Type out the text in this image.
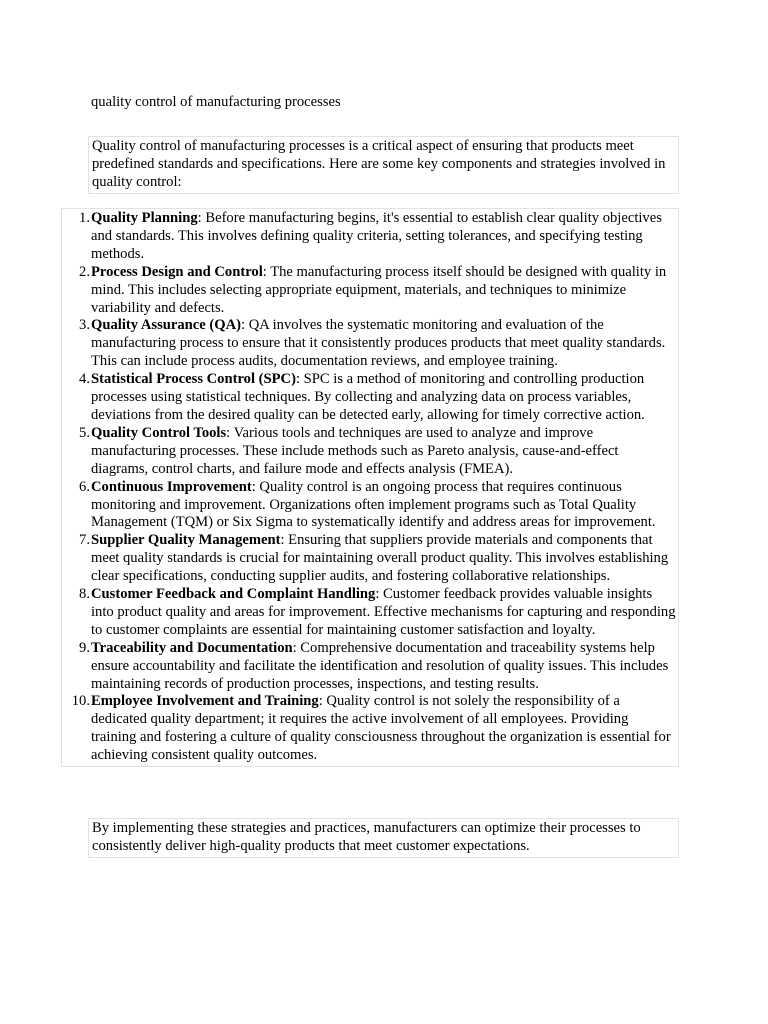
quality control of manufacturing processes

Quality control of manufacturing processes is a critical aspect of ensuring that products meet predefined standards and specifications. Here are some key components and strategies involved in quality control:

1. Quality Planning: Before manufacturing begins, it's essential to establish clear quality objectives and standards. This involves defining quality criteria, setting tolerances, and specifying testing methods.
2. Process Design and Control: The manufacturing process itself should be designed with quality in mind. This includes selecting appropriate equipment, materials, and techniques to minimize variability and defects.
3. Quality Assurance (QA): QA involves the systematic monitoring and evaluation of the manufacturing process to ensure that it consistently produces products that meet quality standards. This can include process audits, documentation reviews, and employee training.
4. Statistical Process Control (SPC): SPC is a method of monitoring and controlling production processes using statistical techniques. By collecting and analyzing data on process variables, deviations from the desired quality can be detected early, allowing for timely corrective action.
5. Quality Control Tools: Various tools and techniques are used to analyze and improve manufacturing processes. These include methods such as Pareto analysis, cause-and-effect diagrams, control charts, and failure mode and effects analysis (FMEA).
6. Continuous Improvement: Quality control is an ongoing process that requires continuous monitoring and improvement. Organizations often implement programs such as Total Quality Management (TQM) or Six Sigma to systematically identify and address areas for improvement.
7. Supplier Quality Management: Ensuring that suppliers provide materials and components that meet quality standards is crucial for maintaining overall product quality. This involves establishing clear specifications, conducting supplier audits, and fostering collaborative relationships.
8. Customer Feedback and Complaint Handling: Customer feedback provides valuable insights into product quality and areas for improvement. Effective mechanisms for capturing and responding to customer complaints are essential for maintaining customer satisfaction and loyalty.
9. Traceability and Documentation: Comprehensive documentation and traceability systems help ensure accountability and facilitate the identification and resolution of quality issues. This includes maintaining records of production processes, inspections, and testing results.
10. Employee Involvement and Training: Quality control is not solely the responsibility of a dedicated quality department; it requires the active involvement of all employees. Providing training and fostering a culture of quality consciousness throughout the organization is essential for achieving consistent quality outcomes.

By implementing these strategies and practices, manufacturers can optimize their processes to consistently deliver high-quality products that meet customer expectations.
